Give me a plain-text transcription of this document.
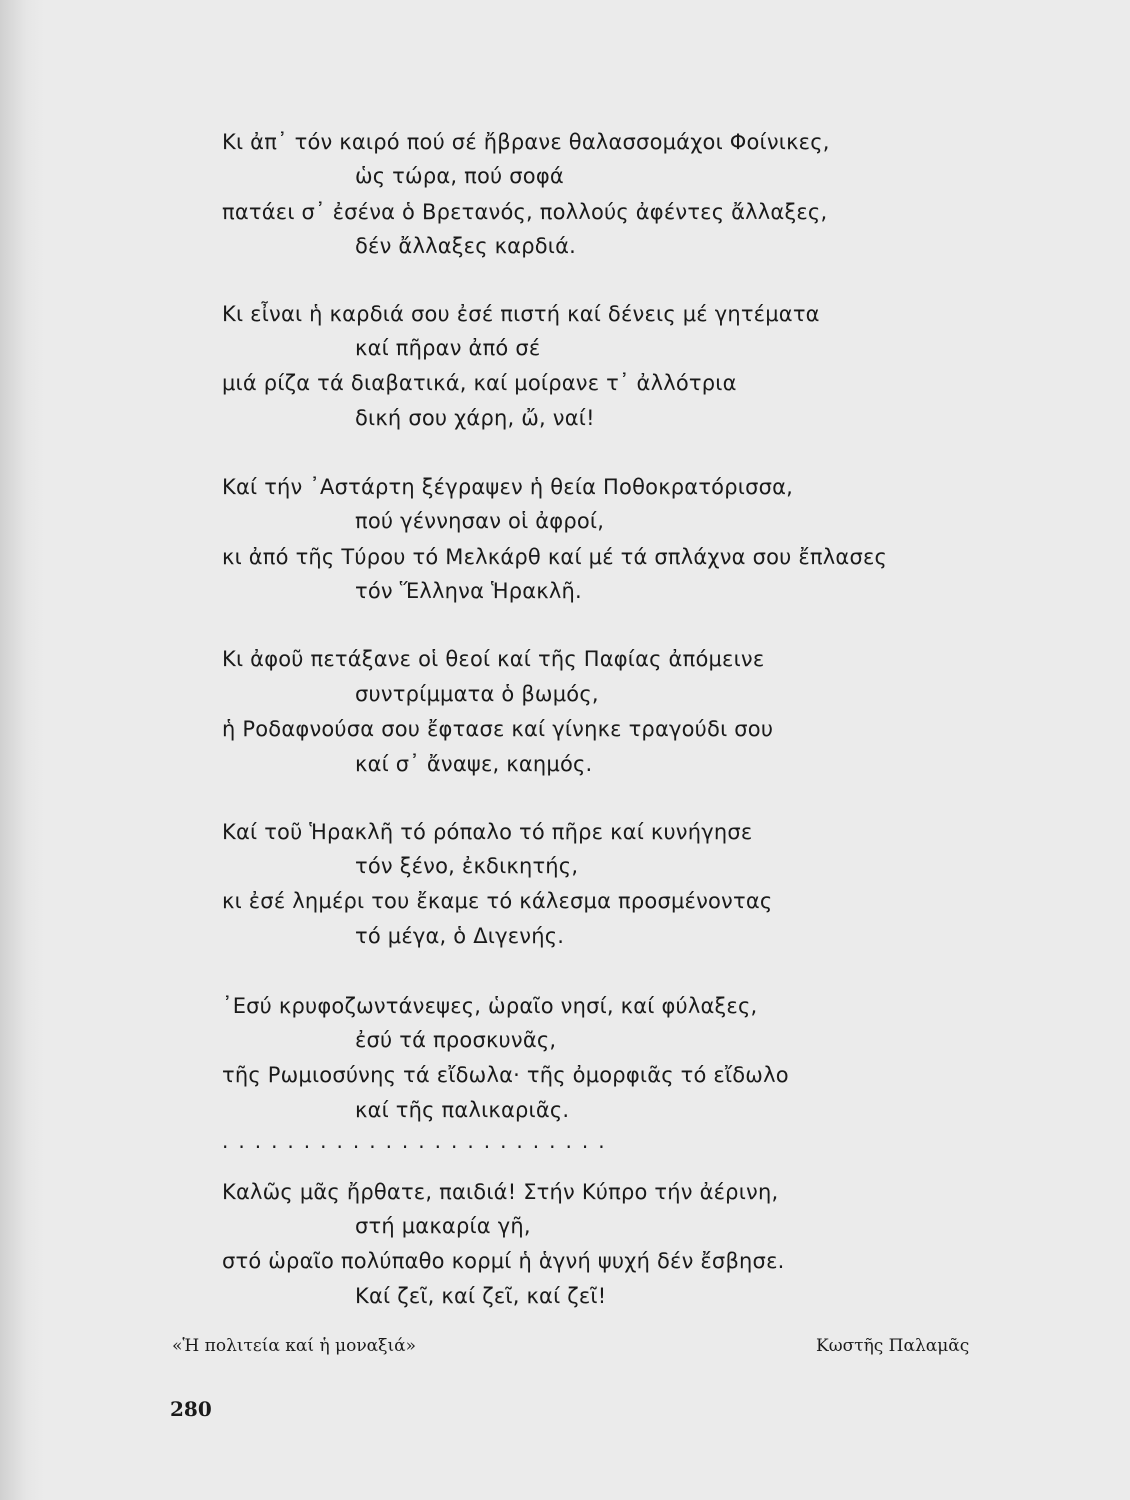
Κι ἀπ᾽ τόν καιρό πού σέ ἤβρανε θαλασσομάχοι Φοίνικες,
ὡς τώρα, πού σοφά
πατάει σ᾽ ἐσένα ὁ Βρετανός, πολλούς ἀφέντες ἄλλαξες,
δέν ἄλλαξες καρδιά.
Κι εἶναι ἡ καρδιά σου ἐσέ πιστή καί δένεις μέ γητέματα
καί πῆραν ἀπό σέ
μιά ρίζα τά διαβατικά, καί μοίρανε τ᾽ ἀλλότρια
δική σου χάρη, ὤ, ναί!
Καί τήν ᾽Αστάρτη ξέγραψεν ἡ θεία Ποθοκρατόρισσα,
πού γέννησαν οἱ ἀφροί,
κι ἀπό τῆς Τύρου τό Μελκάρθ καί μέ τά σπλάχνα σου ἔπλασες
τόν Ἕλληνα Ἡρακλῆ.
Κι ἀφοῦ πετάξανε οἱ θεοί καί τῆς Παφίας ἀπόμεινε
συντρίμματα ὁ βωμός,
ἡ Ροδαφνούσα σου ἔφτασε καί γίνηκε τραγούδι σου
καί σ᾽ ἄναψε, καημός.
Καί τοῦ Ἡρακλῆ τό ρόπαλο τό πῆρε καί κυνήγησε
τόν ξένο, ἐκδικητής,
κι ἐσέ λημέρι του ἔκαμε τό κάλεσμα προσμένοντας
τό μέγα, ὁ Διγενής.
᾽Εσύ κρυφοζωντάνεψες, ὡραῖο νησί, καί φύλαξες,
ἐσύ τά προσκυνᾶς,
τῆς Ρωμιοσύνης τά εἴδωλα· τῆς ὀμορφιᾶς τό εἴδωλο
καί τῆς παλικαριᾶς.
........................
Καλῶς μᾶς ἤρθατε, παιδιά! Στήν Κύπρο τήν ἀέρινη,
στή μακαρία γῆ,
στό ὡραῖο πολύπαθο κορμί ἡ ἁγνή ψυχή δέν ἔσβησε.
Καί ζεῖ, καί ζεῖ, καί ζεῖ!
«Ἡ πολιτεία καί ἡ μοναξιά»	Κωστῆς Παλαμᾶς
280
